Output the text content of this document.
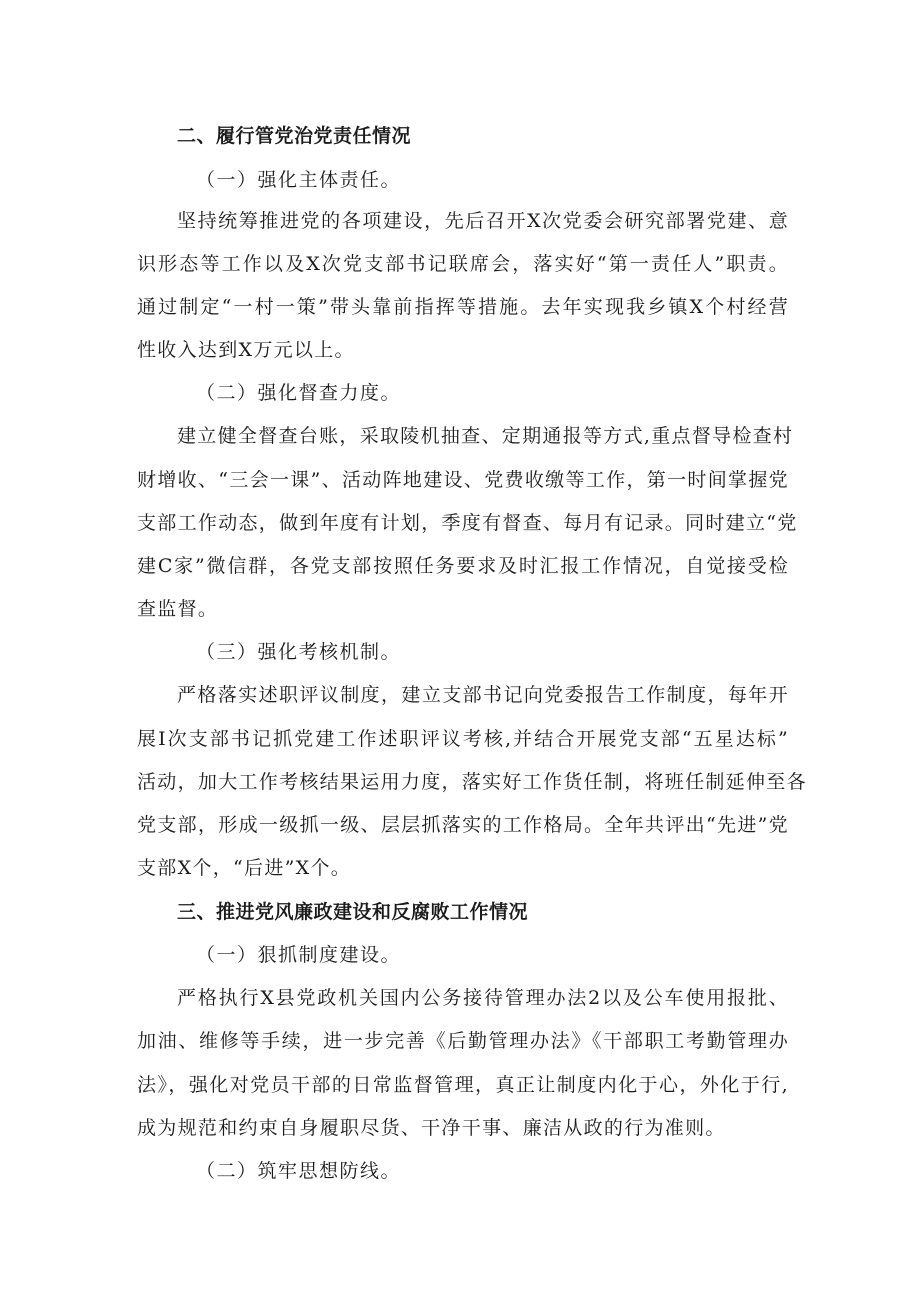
二、履行管党治党责任情况
（一）强化主体责任。
坚持统筹推进党的各项建设，先后召开X次党委会研究部署党建、意
识形态等工作以及X次党支部书记联席会，落实好“第一责任人”职责。
通过制定“一村一策”带头靠前指挥等措施。去年实现我乡镇X个村经营
性收入达到X万元以上。
（二）强化督查力度。
建立健全督查台账，采取陵机抽查、定期通报等方式,重点督导检查村
财增收、“三会一课”、活动阵地建设、党费收缴等工作，第一时间掌握党
支部工作动态，做到年度有计划，季度有督查、每月有记录。同时建立“党
建C家”微信群，各党支部按照任务要求及时汇报工作情况，自觉接受检
查监督。
（三）强化考核机制。
严格落实述职评议制度，建立支部书记向党委报告工作制度，每年开
展I次支部书记抓党建工作述职评议考核,并结合开展党支部“五星达标”
活动，加大工作考核结果运用力度，落实好工作货任制，将班任制延伸至各
党支部，形成一级抓一级、层层抓落实的工作格局。全年共评出“先进”党
支部X个，“后进”X个。
三、推进党风廉政建设和反腐败工作情况
（一）狠抓制度建设。
严格执行X县党政机关国内公务接待管理办法2以及公车使用报批、
加油、维修等手续，进一步完善《后勤管理办法》《干部职工考勤管理办
法》，强化对党员干部的日常监督管理，真正让制度内化于心，外化于行,
成为规范和约束自身履职尽货、干净干事、廉洁从政的行为准则。
（二）筑牢思想防线。
